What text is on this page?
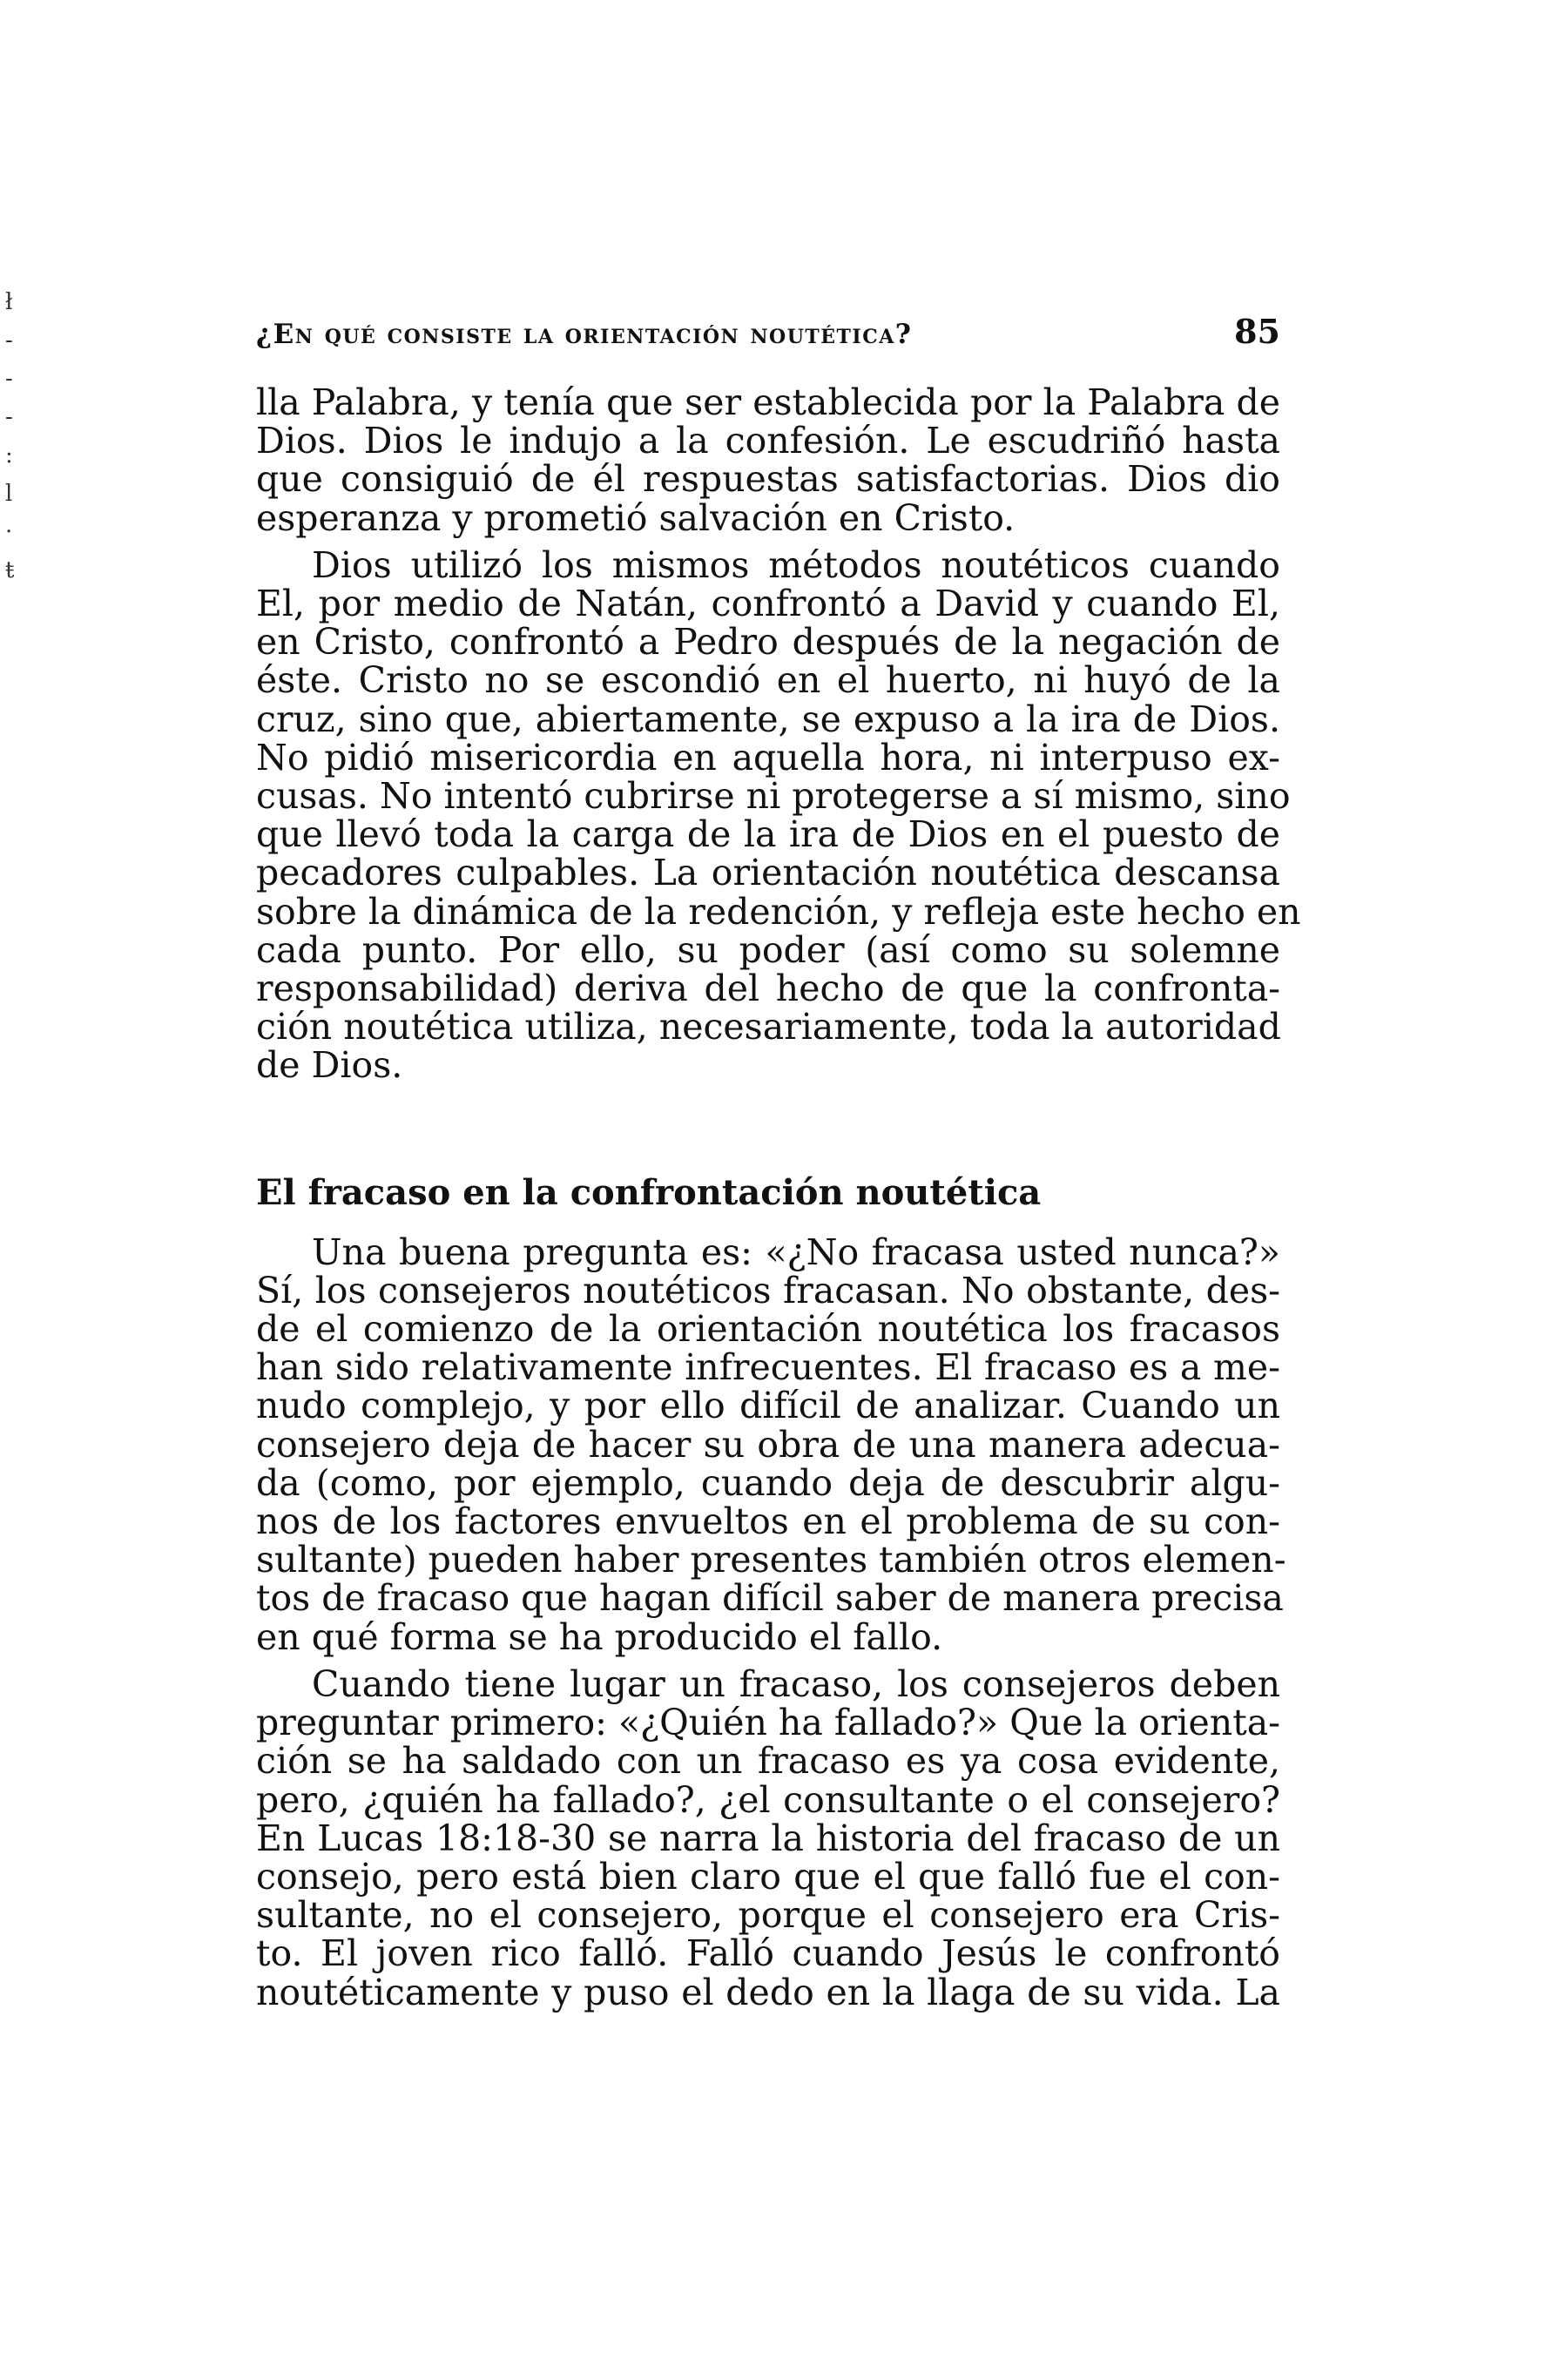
ł
-
-
-
:
l
·
ŧ
¿En qué consiste la orientación noutética?	85
lla Palabra, y tenía que ser establecida por la Palabra de
Dios. Dios le indujo a la confesión. Le escudriñó hasta
que consiguió de él respuestas satisfactorias. Dios dio
esperanza y prometió salvación en Cristo.
Dios utilizó los mismos métodos noutéticos cuando
El, por medio de Natán, confrontó a David y cuando El,
en Cristo, confrontó a Pedro después de la negación de
éste. Cristo no se escondió en el huerto, ni huyó de la
cruz, sino que, abiertamente, se expuso a la ira de Dios.
No pidió misericordia en aquella hora, ni interpuso ex-
cusas. No intentó cubrirse ni protegerse a sí mismo, sino
que llevó toda la carga de la ira de Dios en el puesto de
pecadores culpables. La orientación noutética descansa
sobre la dinámica de la redención, y refleja este hecho en
cada punto. Por ello, su poder (así como su solemne
responsabilidad) deriva del hecho de que la confronta-
ción noutética utiliza, necesariamente, toda la autoridad
de Dios.
El fracaso en la confrontación noutética
Una buena pregunta es: «¿No fracasa usted nunca?»
Sí, los consejeros noutéticos fracasan. No obstante, des-
de el comienzo de la orientación noutética los fracasos
han sido relativamente infrecuentes. El fracaso es a me-
nudo complejo, y por ello difícil de analizar. Cuando un
consejero deja de hacer su obra de una manera adecua-
da (como, por ejemplo, cuando deja de descubrir algu-
nos de los factores envueltos en el problema de su con-
sultante) pueden haber presentes también otros elemen-
tos de fracaso que hagan difícil saber de manera precisa
en qué forma se ha producido el fallo.
Cuando tiene lugar un fracaso, los consejeros deben
preguntar primero: «¿Quién ha fallado?» Que la orienta-
ción se ha saldado con un fracaso es ya cosa evidente,
pero, ¿quién ha fallado?, ¿el consultante o el consejero?
En Lucas 18:18-30 se narra la historia del fracaso de un
consejo, pero está bien claro que el que falló fue el con-
sultante, no el consejero, porque el consejero era Cris-
to. El joven rico falló. Falló cuando Jesús le confrontó
noutéticamente y puso el dedo en la llaga de su vida. La
